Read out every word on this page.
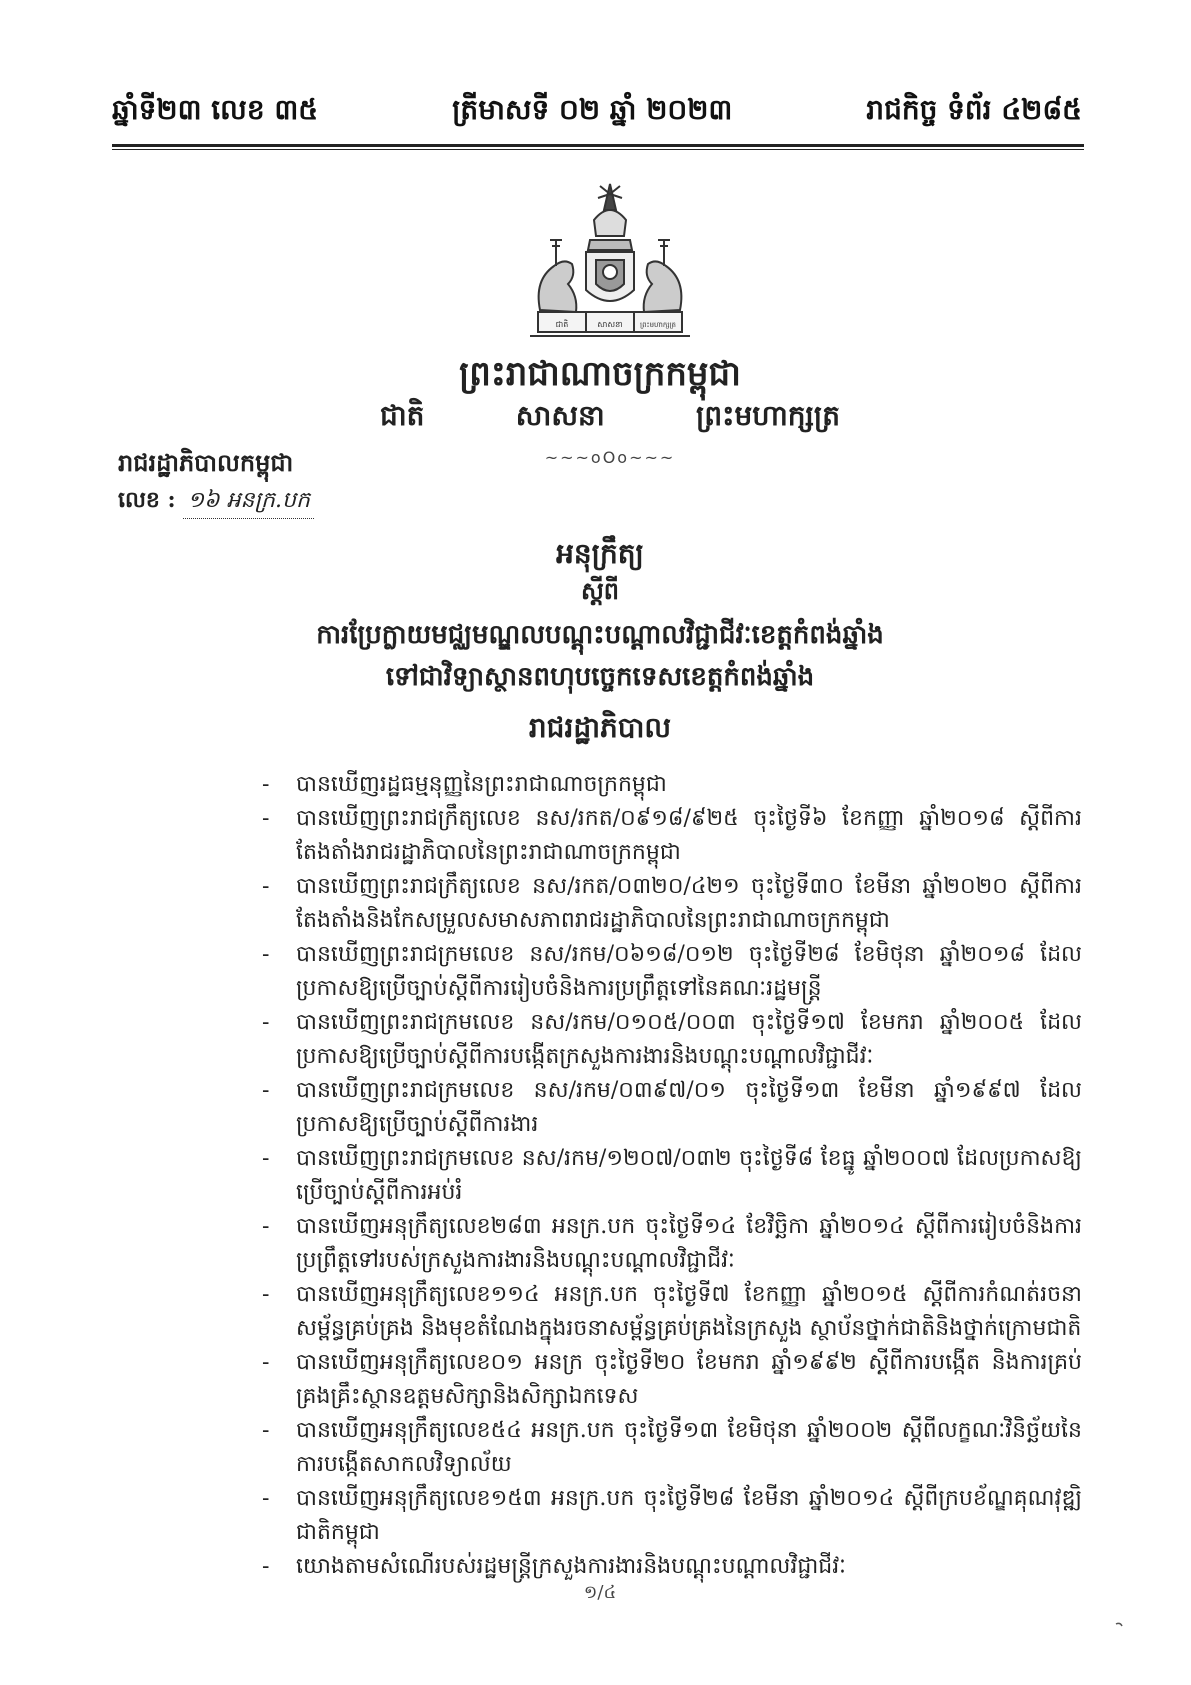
ឆ្នាំទី២៣ លេខ ៣៥	ត្រីមាសទី ០២ ឆ្នាំ ២០២៣	រាជកិច្ច ទំព័រ ៤២៨៥
ជាតិ	សាសនា ព្រះមហាក្សត្រ
ព្រះរាជាណាចក្រកម្ពុជា
ជាតិ	សាសនា	ព្រះមហាក្សត្រ
~~~oOo~~~
រាជរដ្ឋាភិបាលកម្ពុជា
លេខ : ១៦ អនក្រ.បក
អនុក្រឹត្យ
ស្តីពី
ការប្រែក្លាយមជ្ឈមណ្ឌលបណ្តុះបណ្តាលវិជ្ជាជីវៈខេត្តកំពង់ឆ្នាំង
ទៅជាវិទ្យាស្ថានពហុបច្ចេកទេសខេត្តកំពង់ឆ្នាំង
រាជរដ្ឋាភិបាល
- បានឃើញរដ្ឋធម្មនុញ្ញនៃព្រះរាជាណាចក្រកម្ពុជា
- បានឃើញព្រះរាជក្រឹត្យលេខ នស/រកត/០៩១៨/៩២៥ ចុះថ្ងៃទី៦ ខែកញ្ញា ឆ្នាំ២០១៨ ស្តីពីការតែងតាំងរាជរដ្ឋាភិបាលនៃព្រះរាជាណាចក្រកម្ពុជា
- បានឃើញព្រះរាជក្រឹត្យលេខ នស/រកត/០៣២០/៤២១ ចុះថ្ងៃទី៣០ ខែមីនា ឆ្នាំ២០២០ ស្តីពីការតែងតាំងនិងកែសម្រួលសមាសភាពរាជរដ្ឋាភិបាលនៃព្រះរាជាណាចក្រកម្ពុជា
- បានឃើញព្រះរាជក្រមលេខ នស/រកម/០៦១៨/០១២ ចុះថ្ងៃទី២៨ ខែមិថុនា ឆ្នាំ២០១៨ ដែលប្រកាសឱ្យប្រើច្បាប់ស្តីពីការរៀបចំនិងការប្រព្រឹត្តទៅនៃគណៈរដ្ឋមន្ត្រី
- បានឃើញព្រះរាជក្រមលេខ នស/រកម/០១០៥/០០៣ ចុះថ្ងៃទី១៧ ខែមករា ឆ្នាំ២០០៥ ដែលប្រកាសឱ្យប្រើច្បាប់ស្តីពីការបង្កើតក្រសួងការងារនិងបណ្តុះបណ្តាលវិជ្ជាជីវៈ
- បានឃើញព្រះរាជក្រមលេខ នស/រកម/០៣៩៧/០១ ចុះថ្ងៃទី១៣ ខែមីនា ឆ្នាំ១៩៩៧ ដែលប្រកាសឱ្យប្រើច្បាប់ស្តីពីការងារ
- បានឃើញព្រះរាជក្រមលេខ នស/រកម/១២០៧/០៣២ ចុះថ្ងៃទី៨ ខែធ្នូ ឆ្នាំ២០០៧ ដែលប្រកាសឱ្យប្រើច្បាប់ស្តីពីការអប់រំ
- បានឃើញអនុក្រឹត្យលេខ២៨៣ អនក្រ.បក ចុះថ្ងៃទី១៤ ខែវិច្ឆិកា ឆ្នាំ២០១៤ ស្តីពីការរៀបចំនិងការប្រព្រឹត្តទៅរបស់ក្រសួងការងារនិងបណ្តុះបណ្តាលវិជ្ជាជីវៈ
- បានឃើញអនុក្រឹត្យលេខ១១៤ អនក្រ.បក ចុះថ្ងៃទី៧ ខែកញ្ញា ឆ្នាំ២០១៥ ស្តីពីការកំណត់រចនាសម្ព័ន្ធគ្រប់គ្រង និងមុខតំណែងក្នុងរចនាសម្ព័ន្ធគ្រប់គ្រងនៃក្រសួង ស្ថាប័នថ្នាក់ជាតិនិងថ្នាក់ក្រោមជាតិ
- បានឃើញអនុក្រឹត្យលេខ០១ អនក្រ ចុះថ្ងៃទី២០ ខែមករា ឆ្នាំ១៩៩២ ស្តីពីការបង្កើត និងការគ្រប់គ្រងគ្រឹះស្ថានឧត្តមសិក្សានិងសិក្សាឯកទេស
- បានឃើញអនុក្រឹត្យលេខ៥៤ អនក្រ.បក ចុះថ្ងៃទី១៣ ខែមិថុនា ឆ្នាំ២០០២ ស្តីពីលក្ខណៈវិនិច្ឆ័យនៃការបង្កើតសាកលវិទ្យាល័យ
- បានឃើញអនុក្រឹត្យលេខ១៥៣ អនក្រ.បក ចុះថ្ងៃទី២៨ ខែមីនា ឆ្នាំ២០១៤ ស្តីពីក្របខ័ណ្ឌគុណវុឌ្ឍិជាតិកម្ពុជា
- យោងតាមសំណើរបស់រដ្ឋមន្ត្រីក្រសួងការងារនិងបណ្តុះបណ្តាលវិជ្ជាជីវៈ
១/៤
